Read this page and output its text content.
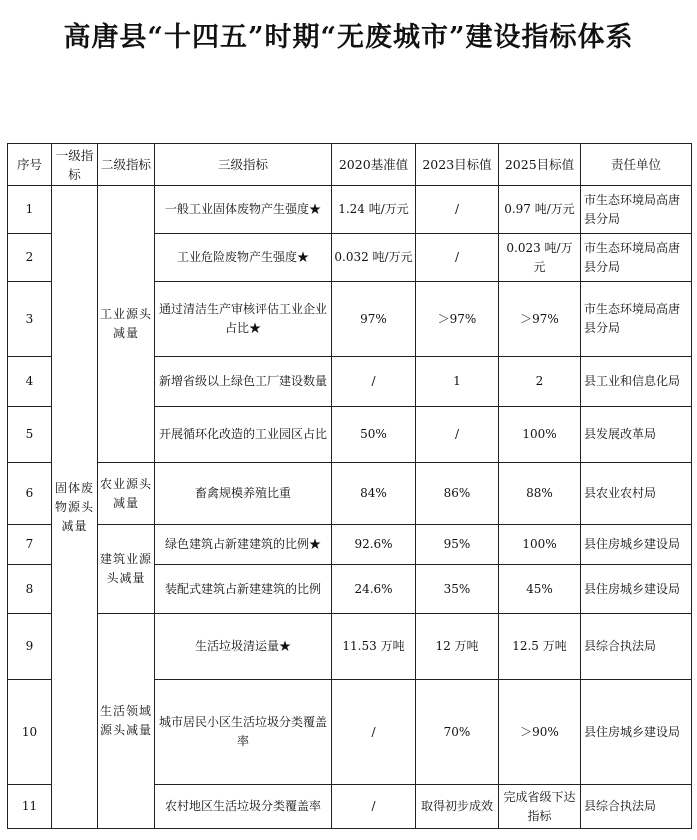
高唐县“十四五”时期“无废城市”建设指标体系
序号	一级指标	二级指标	三级指标	2020基准值	2023目标值	2025目标值	责任单位
1	固体废物源头减量	工业源头减量	一般工业固体废物产生强度★	1.24 吨/万元	/	0.97 吨/万元	市生态环境局高唐县分局
2			工业危险废物产生强度★	0.032 吨/万元	/	0.023 吨/万元	市生态环境局高唐县分局
3			通过清洁生产审核评估工业企业占比★	97%	＞97%	＞97%	市生态环境局高唐县分局
4			新增省级以上绿色工厂建设数量	/	1	2	县工业和信息化局
5			开展循环化改造的工业园区占比	50%	/	100%	县发展改革局
6		农业源头减量	畜禽规模养殖比重	84%	86%	88%	县农业农村局
7		建筑业源头减量	绿色建筑占新建建筑的比例★	92.6%	95%	100%	县住房城乡建设局
8			装配式建筑占新建建筑的比例	24.6%	35%	45%	县住房城乡建设局
9		生活领域源头减量	生活垃圾清运量★	11.53 万吨	12 万吨	12.5 万吨	县综合执法局
10			城市居民小区生活垃圾分类覆盖率	/	70%	＞90%	县住房城乡建设局
11			农村地区生活垃圾分类覆盖率	/	取得初步成效	完成省级下达指标	县综合执法局
